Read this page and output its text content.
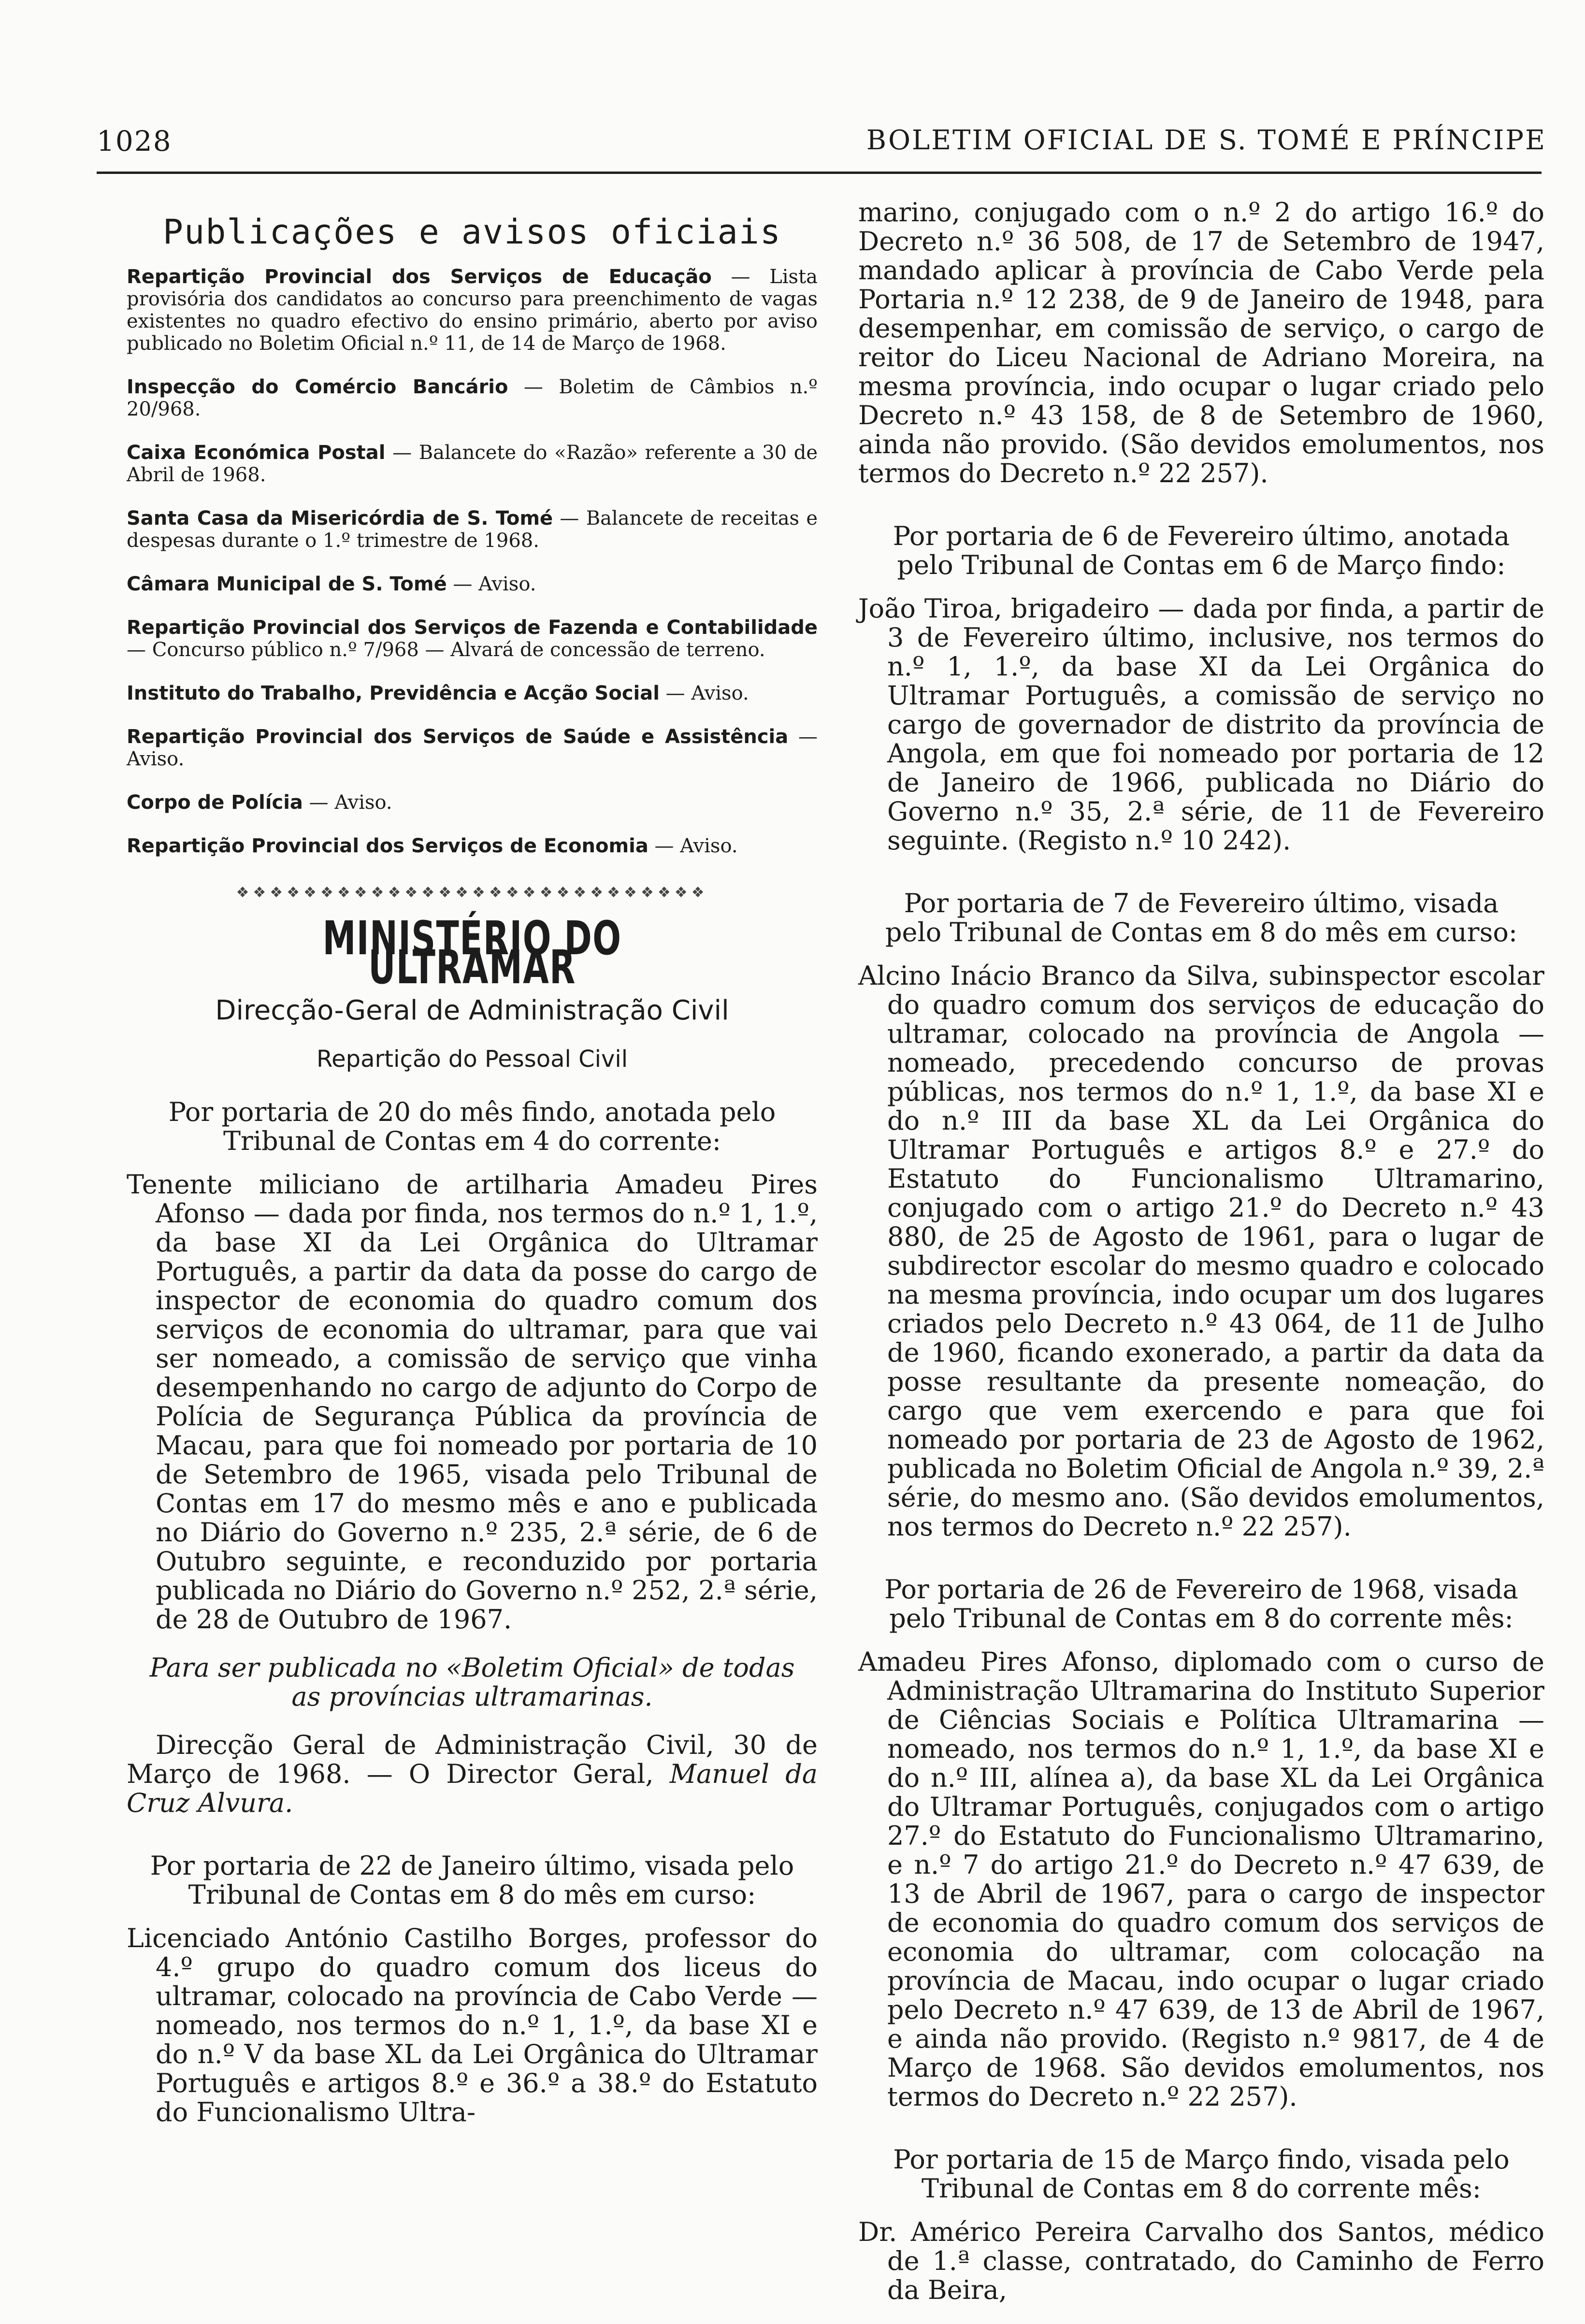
1028	BOLETIM OFICIAL DE S. TOMÉ E PRÍNCIPE
Publicações e avisos oficiais

Repartição Provincial dos Serviços de Educação — Lista provisória dos candidatos ao concurso para preenchimento de vagas existentes no quadro efectivo do ensino primário, aberto por aviso publicado no Boletim Oficial n.º 11, de 14 de Março de 1968.

Inspecção do Comércio Bancário — Boletim de Câmbios n.º 20/968.

Caixa Económica Postal — Balancete do «Razão» referente a 30 de Abril de 1968.

Santa Casa da Misericórdia de S. Tomé — Balancete de receitas e despesas durante o 1.º trimestre de 1968.

Câmara Municipal de S. Tomé — Aviso.

Repartição Provincial dos Serviços de Fazenda e Contabilidade — Concurso público n.º 7/968 — Alvará de concessão de terreno.

Instituto do Trabalho, Previdência e Acção Social — Aviso.

Repartição Provincial dos Serviços de Saúde e Assistência — Aviso.

Corpo de Polícia — Aviso.

Repartição Provincial dos Serviços de Economia — Aviso.

❖❖❖❖❖❖❖❖❖❖❖❖❖❖❖❖❖❖❖❖❖❖❖❖❖❖❖❖
MINISTÉRIO DO ULTRAMAR
Direcção-Geral de Administração Civil
Repartição do Pessoal Civil

Por portaria de 20 do mês findo, anotada pelo Tribunal de Contas em 4 do corrente:

Tenente miliciano de artilharia Amadeu Pires Afonso — dada por finda, nos termos do n.º 1, 1.º, da base XI da Lei Orgânica do Ultramar Português, a partir da data da posse do cargo de inspector de economia do quadro comum dos serviços de economia do ultramar, para que vai ser nomeado, a comissão de serviço que vinha desempenhando no cargo de adjunto do Corpo de Polícia de Segurança Pública da província de Macau, para que foi nomeado por portaria de 10 de Setembro de 1965, visada pelo Tribunal de Contas em 17 do mesmo mês e ano e publicada no Diário do Governo n.º 235, 2.ª série, de 6 de Outubro seguinte, e reconduzido por portaria publicada no Diário do Governo n.º 252, 2.ª série, de 28 de Outubro de 1967.

Para ser publicada no «Boletim Oficial» de todas as províncias ultramarinas.

Direcção Geral de Administração Civil, 30 de Março de 1968. — O Director Geral, Manuel da Cruz Alvura.

Por portaria de 22 de Janeiro último, visada pelo Tribunal de Contas em 8 do mês em curso:

Licenciado António Castilho Borges, professor do 4.º grupo do quadro comum dos liceus do ultramar, colocado na província de Cabo Verde — nomeado, nos termos do n.º 1, 1.º, da base XI e do n.º V da base XL da Lei Orgânica do Ultramar Português e artigos 8.º e 36.º a 38.º do Estatuto do Funcionalismo Ultra-

marino, conjugado com o n.º 2 do artigo 16.º do Decreto n.º 36 508, de 17 de Setembro de 1947, mandado aplicar à província de Cabo Verde pela Portaria n.º 12 238, de 9 de Janeiro de 1948, para desempenhar, em comissão de serviço, o cargo de reitor do Liceu Nacional de Adriano Moreira, na mesma província, indo ocupar o lugar criado pelo Decreto n.º 43 158, de 8 de Setembro de 1960, ainda não provido. (São devidos emolumentos, nos termos do Decreto n.º 22 257).

Por portaria de 6 de Fevereiro último, anotada pelo Tribunal de Contas em 6 de Março findo:

João Tiroa, brigadeiro — dada por finda, a partir de 3 de Fevereiro último, inclusive, nos termos do n.º 1, 1.º, da base XI da Lei Orgânica do Ultramar Português, a comissão de serviço no cargo de governador de distrito da província de Angola, em que foi nomeado por portaria de 12 de Janeiro de 1966, publicada no Diário do Governo n.º 35, 2.ª série, de 11 de Fevereiro seguinte. (Registo n.º 10 242).

Por portaria de 7 de Fevereiro último, visada pelo Tribunal de Contas em 8 do mês em curso:

Alcino Inácio Branco da Silva, subinspector escolar do quadro comum dos serviços de educação do ultramar, colocado na província de Angola — nomeado, precedendo concurso de provas públicas, nos termos do n.º 1, 1.º, da base XI e do n.º III da base XL da Lei Orgânica do Ultramar Português e artigos 8.º e 27.º do Estatuto do Funcionalismo Ultramarino, conjugado com o artigo 21.º do Decreto n.º 43 880, de 25 de Agosto de 1961, para o lugar de subdirector escolar do mesmo quadro e colocado na mesma província, indo ocupar um dos lugares criados pelo Decreto n.º 43 064, de 11 de Julho de 1960, ficando exonerado, a partir da data da posse resultante da presente nomeação, do cargo que vem exercendo e para que foi nomeado por portaria de 23 de Agosto de 1962, publicada no Boletim Oficial de Angola n.º 39, 2.ª série, do mesmo ano. (São devidos emolumentos, nos termos do Decreto n.º 22 257).

Por portaria de 26 de Fevereiro de 1968, visada pelo Tribunal de Contas em 8 do corrente mês:

Amadeu Pires Afonso, diplomado com o curso de Administração Ultramarina do Instituto Superior de Ciências Sociais e Política Ultramarina — nomeado, nos termos do n.º 1, 1.º, da base XI e do n.º III, alínea a), da base XL da Lei Orgânica do Ultramar Português, conjugados com o artigo 27.º do Estatuto do Funcionalismo Ultramarino, e n.º 7 do artigo 21.º do Decreto n.º 47 639, de 13 de Abril de 1967, para o cargo de inspector de economia do quadro comum dos serviços de economia do ultramar, com colocação na província de Macau, indo ocupar o lugar criado pelo Decreto n.º 47 639, de 13 de Abril de 1967, e ainda não provido. (Registo n.º 9817, de 4 de Março de 1968. São devidos emolumentos, nos termos do Decreto n.º 22 257).

Por portaria de 15 de Março findo, visada pelo Tribunal de Contas em 8 do corrente mês:

Dr. Américo Pereira Carvalho dos Santos, médico de 1.ª classe, contratado, do Caminho de Ferro da Beira,
